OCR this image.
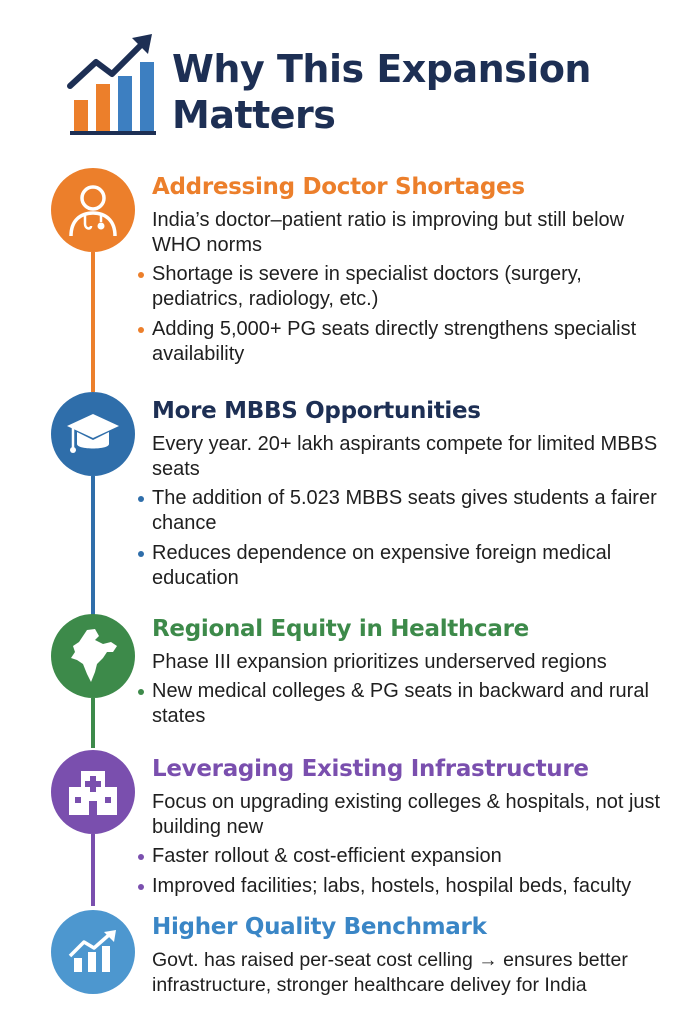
Why This Expansion Matters
Addressing Doctor Shortages
India’s doctor–patient ratio is improving but still below WHO norms
Shortage is severe in specialist doctors (surgery, pediatrics, radiology, etc.)
Adding 5,000+ PG seats directly strengthens specialist availability
More MBBS Opportunities
Every year. 20+ lakh aspirants compete for limited MBBS seats
The addition of 5.023 MBBS seats gives students a fairer chance
Reduces dependence on expensive foreign medical education
Regional Equity in Healthcare
Phase III expansion prioritizes underserved regions
New medical colleges & PG seats in backward and rural states
Leveraging Existing Infrastructure
Focus on upgrading existing colleges & hospitals, not just building new
Faster rollout & cost-efficient expansion
Improved facilities; labs, hostels, hospilal beds, faculty
Higher Quality Benchmark
Govt. has raised per-seat cost celling → ensures better infrastructure, stronger healthcare delivey for India
